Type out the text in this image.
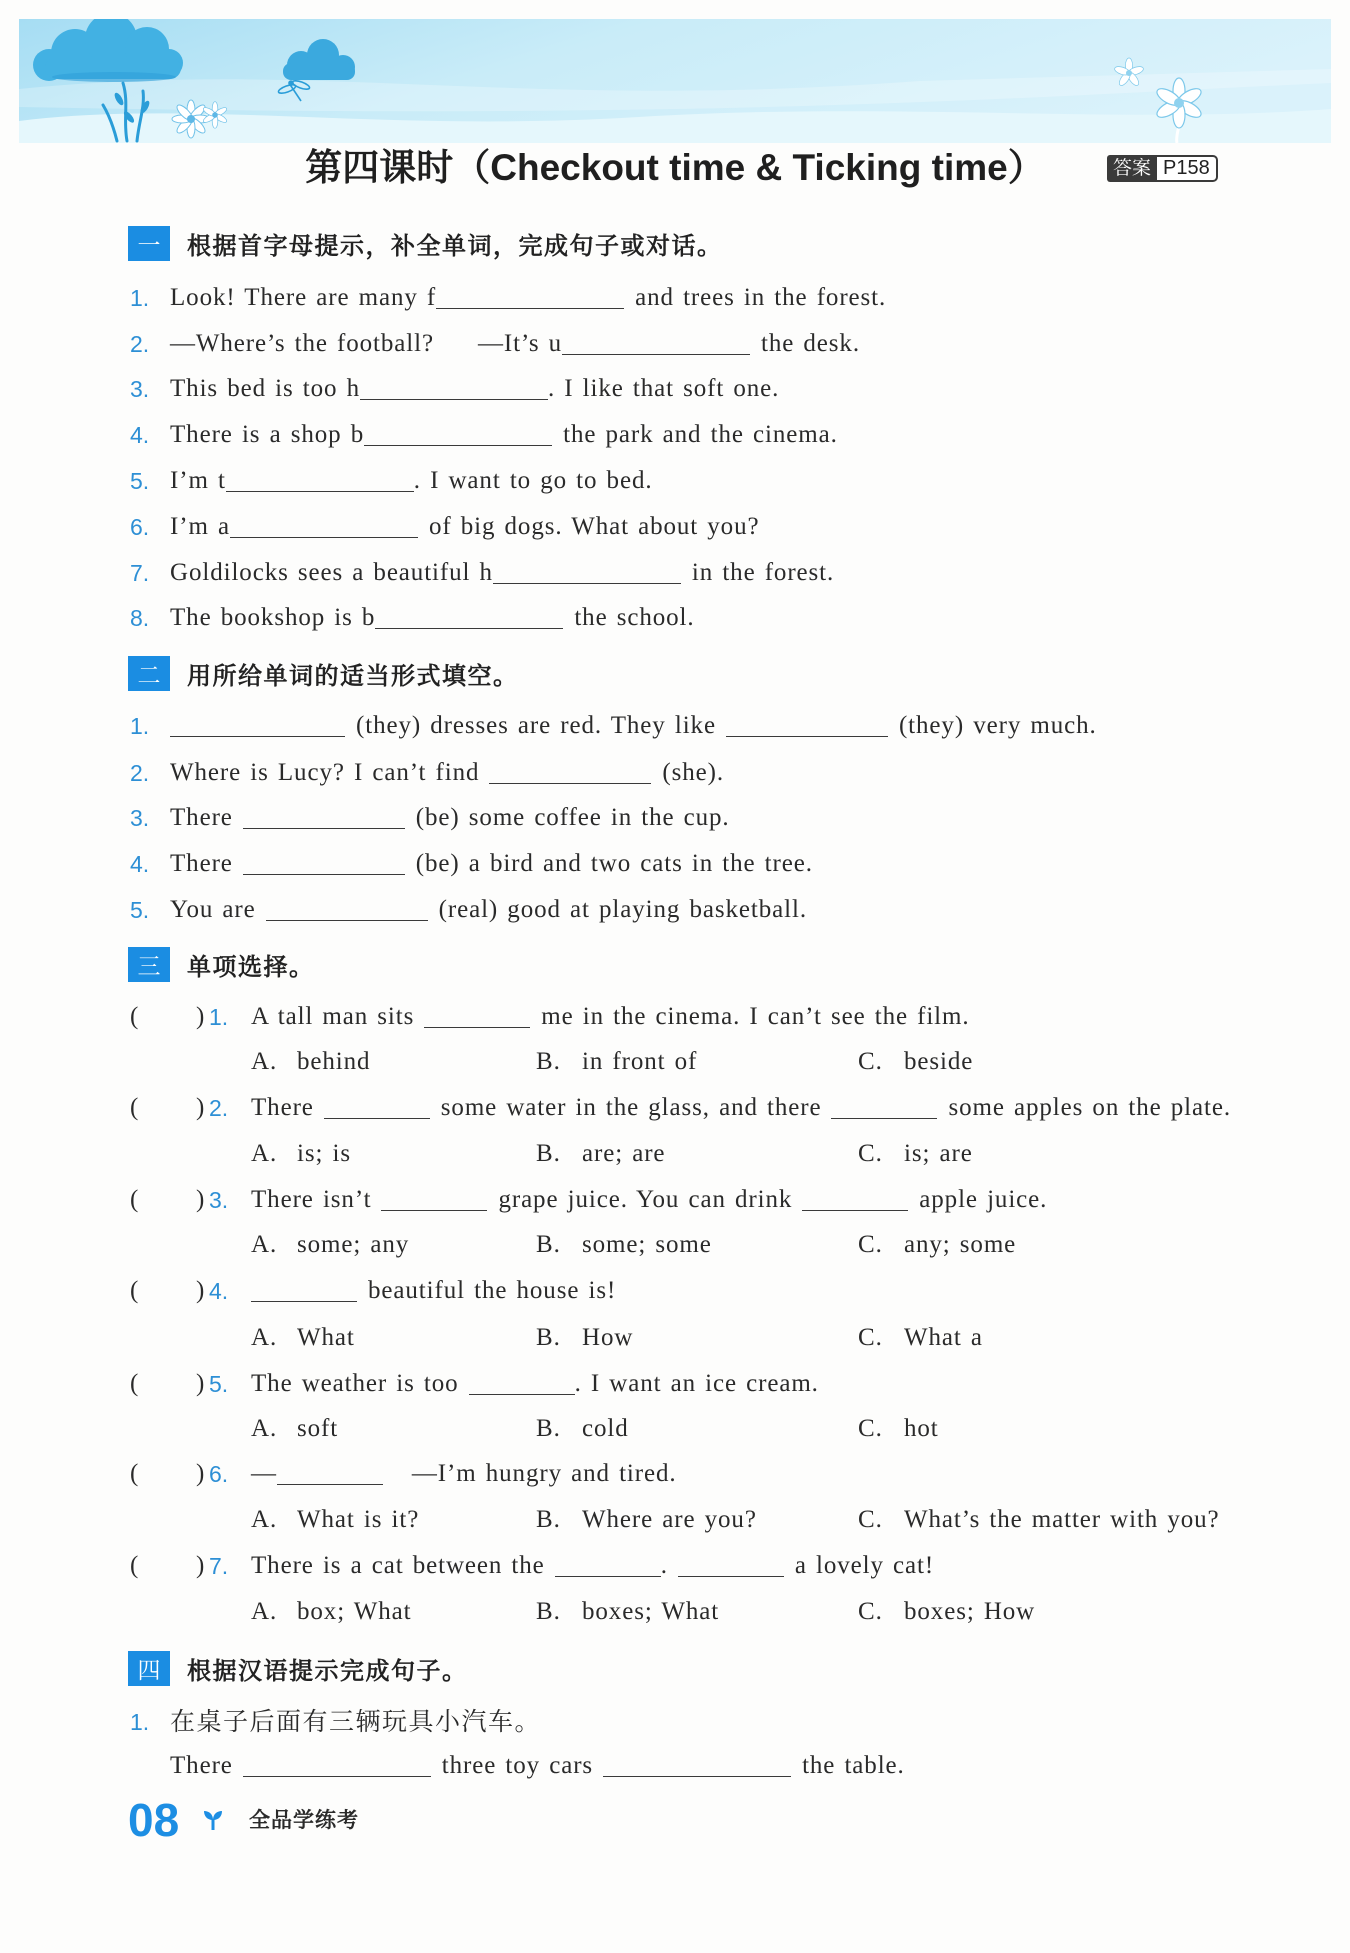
第四课时（Checkout time & Ticking time）	答案 P158
一	根据首字母提示，补全单词，完成句子或对话。
1. Look! There are many f	and trees in the forest.
2. —Where’s the football? —It’s u	the desk.
3. This bed is too h	. I like that soft one.
4. There is a shop b	the park and the cinema.
5. I’m t	. I want to go to bed.
6. I’m a	of big dogs. What about you?
7. Goldilocks sees a beautiful h	in the forest.
8. The bookshop is b	the school.
二	用所给单词的适当形式填空。
1.	(they) dresses are red. They like	(they) very much.
2. Where is Lucy? I can’t find	(she).
3. There	(be) some coffee in the cup.
4. There	(be) a bird and two cats in the tree.
5. You are	(real) good at playing basketball.
三	单项选择。
( ) 1. A tall man sits	me in the cinema. I can’t see the film.
A. behind	B. in front of	C. beside
( ) 2. There	some water in the glass, and there	some apples on the plate.
A. is; is	B. are; are	C. is; are
( ) 3. There isn’t	grape juice. You can drink	apple juice.
A. some; any	B. some; some	C. any; some
( ) 4.	beautiful the house is!
A. What	B. How	C. What a
( ) 5. The weather is too	. I want an ice cream.
A. soft	B. cold	C. hot
( ) 6. —	—I’m hungry and tired.
A. What is it?	B. Where are you?	C. What’s the matter with you?
( ) 7. There is a cat between the	.	a lovely cat!
A. box; What	B. boxes; What	C. boxes; How
四	根据汉语提示完成句子。
1. 在桌子后面有三辆玩具小汽车。
There	three toy cars	the table.
08	全品学练考
